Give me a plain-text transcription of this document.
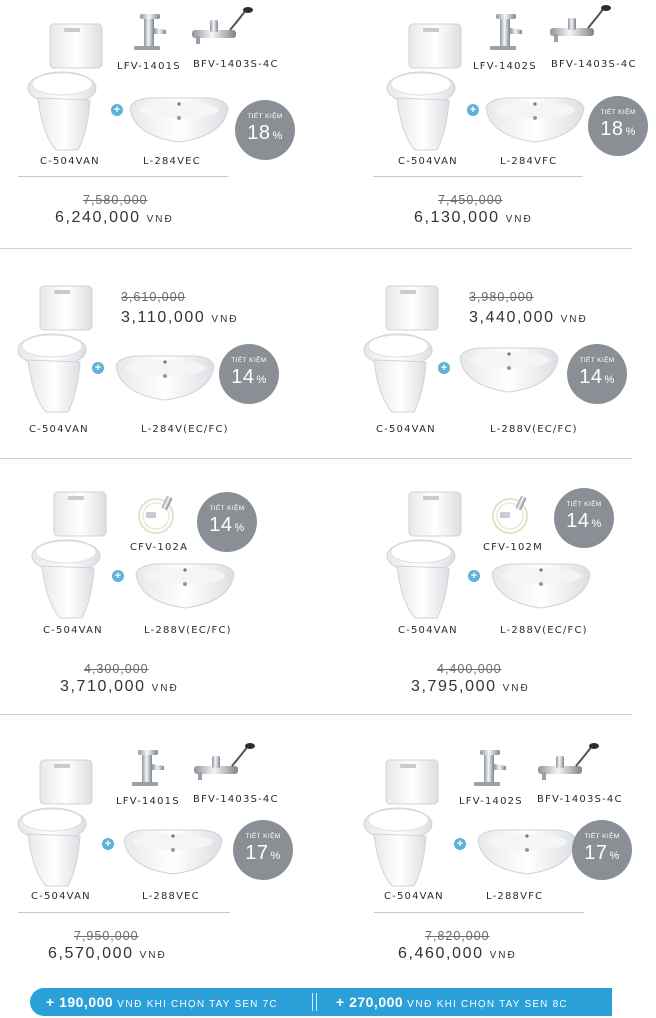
LFV-1401S BFV-1403S-4C
+
TIẾT KIỆM
18 %
C-504VAN	L-284VEC
7,580,000
6,240,000 VNĐ
LFV-1402S BFV-1403S-4C
+	TIẾT KIỆM
18 %
C-504VAN	L-284VFC
7,450,000
6,130,000 VNĐ
3,610,000
3,110,000 VNĐ
+
TIẾT KIỆM
14 %
C-504VAN	L-284V(EC/FC)
3,980,000
3,440,000 VNĐ
+
TIẾT KIỆM
14 %
C-504VAN	L-288V(EC/FC)
CFV-102A
TIẾT KIỆM
14 %
+
C-504VAN	L-288V(EC/FC)
4,300,000
3,710,000 VNĐ
CFV-102M
TIẾT KIỆM
14 %
+
C-504VAN	L-288V(EC/FC)
4,400,000
3,795,000 VNĐ
LFV-1401S BFV-1403S-4C
+
TIẾT KIỆM
17 %
C-504VAN	L-288VEC
7,950,000
6,570,000 VNĐ
LFV-1402S BFV-1403S-4C
+
TIẾT KIỆM
17 %
C-504VAN	L-288VFC
7,820,000
6,460,000 VNĐ
+ 190,000 VNĐ KHI CHỌN TAY SEN 7C	+ 270,000 VNĐ KHI CHỌN TAY SEN 8C
